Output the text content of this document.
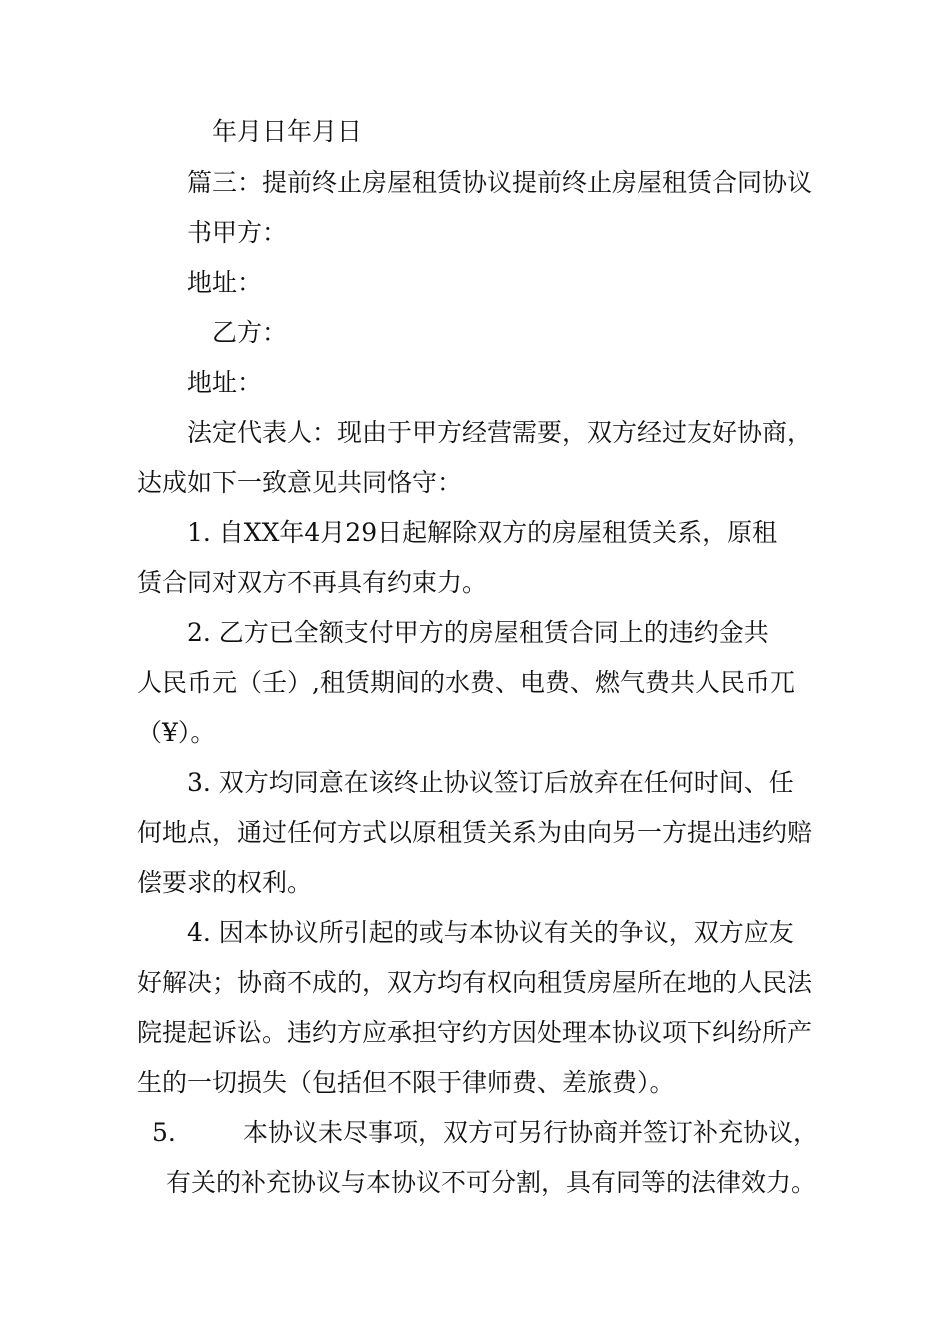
年月日年月日

篇三：提前终止房屋租赁协议提前终止房屋租赁合同协议

书甲方：

地址：

乙方：

地址：

法定代表人：现由于甲方经营需要，双方经过友好协商，

达成如下一致意见共同恪守：

1. 自XX年4月29日起解除双方的房屋租赁关系，原租

赁合同对双方不再具有约束力。

2. 乙方已全额支付甲方的房屋租赁合同上的违约金共

人民币元（壬）,租赁期间的水费、电费、燃气费共人民币兀

（¥）。

3. 双方均同意在该终止协议签订后放弃在任何时间、任

何地点，通过任何方式以原租赁关系为由向另一方提出违约赔

偿要求的权利。

4. 因本协议所引起的或与本协议有关的争议，双方应友

好解决；协商不成的，双方均有权向租赁房屋所在地的人民法

院提起诉讼。违约方应承担守约方因处理本协议项下纠纷所产

生的一切损失（包括但不限于律师费、差旅费）。

5.	本协议未尽事项，双方可另行协商并签订补充协议，

有关的补充协议与本协议不可分割，具有同等的法律效力。
